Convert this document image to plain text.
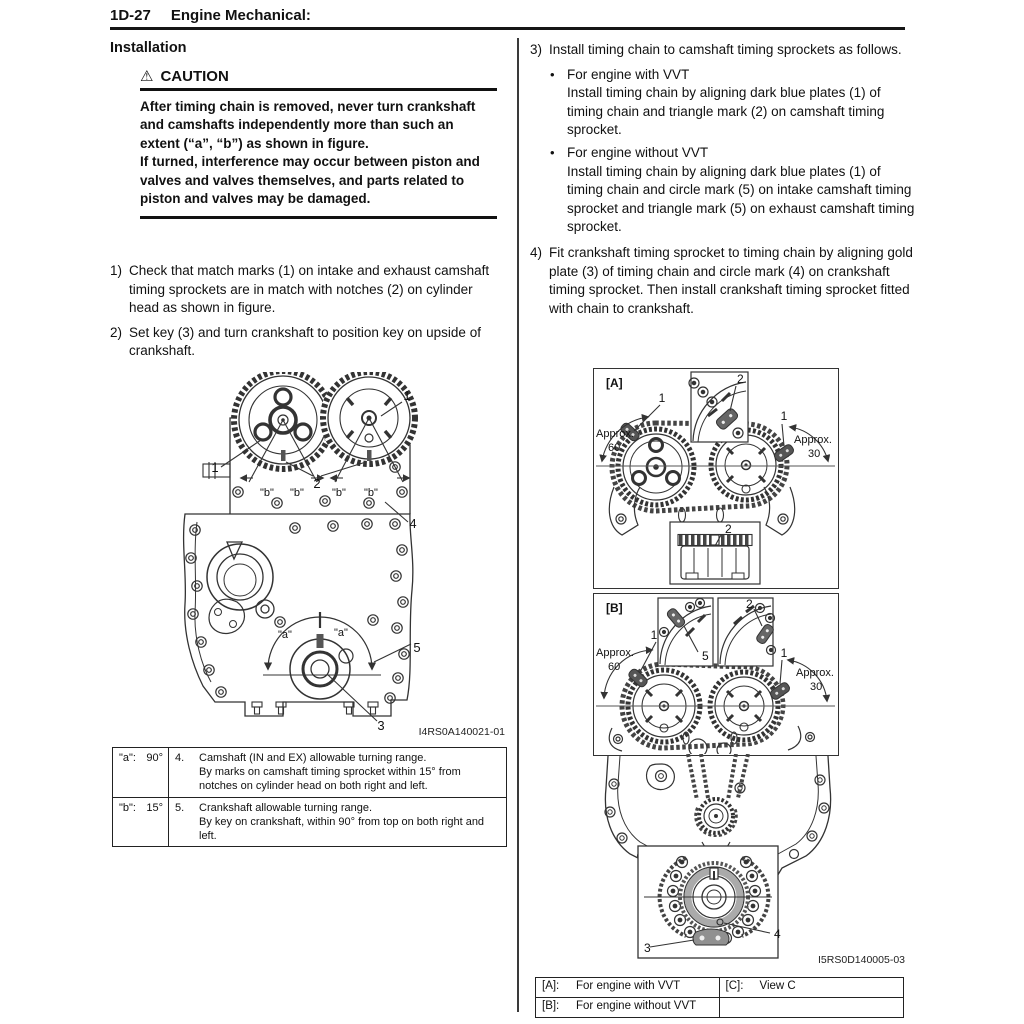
1D-27 Engine Mechanical:
Installation
⚠ CAUTION

After timing chain is removed, never turn crankshaft and camshafts independently more than such an extent (“a”, “b”) as shown in figure.

If turned, interference may occur between piston and valves and valves themselves, and parts related to piston and valves may be damaged.

1) Check that match marks (1) on intake and exhaust camshaft timing sprockets are in match with notches (2) on cylinder head as shown in figure.
2) Set key (3) and turn crankshaft to position key on upside of crankshaft.
1
1
2
4
"b" "b"	"b" "b"
"a"	"a"
5
3	I4RS0A140021-01
"a": 90° 4.	Camshaft (IN and EX) allowable turning range.
By marks on camshaft timing sprocket within 15° from notches on cylinder head on both right and left.
"b": 15° 5.	Crankshaft allowable turning range.
By key on crankshaft, within 90° from top on both right and left.
3) Install timing chain to camshaft timing sprockets as follows.
• For engine with VVT
Install timing chain by aligning dark blue plates (1) of timing chain and triangle mark (2) on camshaft timing sprocket.
• For engine without VVT
Install timing chain by aligning dark blue plates (1) of timing chain and circle mark (5) on intake camshaft timing sprocket and triangle mark (5) on exhaust camshaft timing sprocket.
4) Fit crankshaft timing sprocket to timing chain by aligning gold plate (3) of timing chain and circle mark (4) on crankshaft timing sprocket. Then install crankshaft timing sprocket fitted with chain to crankshaft.
[A]	2
2
Approx.
60
Approx.
30
1
1
[B]
5
2
Approx.
60	Approx.
30
1
1
3
4
I5RS0D140005-03
[A]:	For engine with VVT	[C]:	View C
[B]:	For engine without VVT
